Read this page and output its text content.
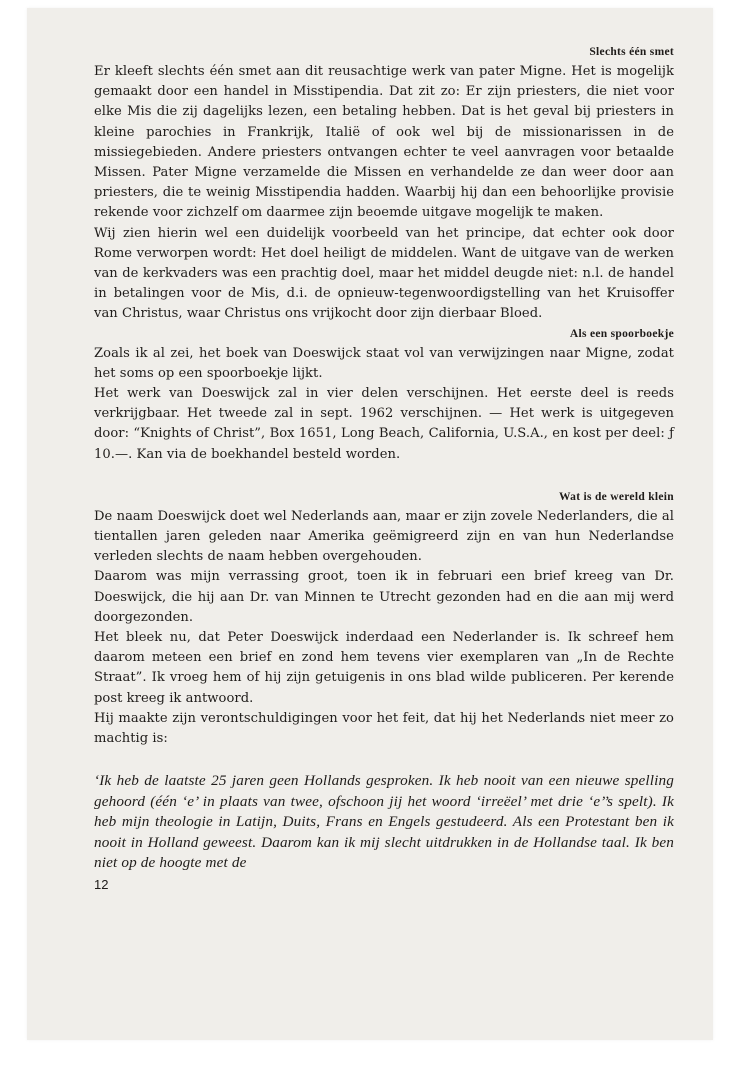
Slechts één smet

Er kleeft slechts één smet aan dit reusachtige werk van pater Migne. Het is mogelijk gemaakt door een handel in Misstipendia. Dat zit zo: Er zijn priesters, die niet voor elke Mis die zij dagelijks lezen, een betaling hebben. Dat is het geval bij priesters in kleine parochies in Frankrijk, Italië of ook wel bij de missionarissen in de missiegebieden. Andere priesters ontvangen echter te veel aanvragen voor betaalde Missen. Pater Migne verzamelde die Missen en verhandelde ze dan weer door aan priesters, die te weinig Misstipendia hadden. Waarbij hij dan een behoorlijke provisie rekende voor zichzelf om daarmee zijn beoemde uitgave mogelijk te maken.

Wij zien hierin wel een duidelijk voorbeeld van het principe, dat echter ook door Rome verworpen wordt: Het doel heiligt de middelen. Want de uitgave van de werken van de kerkvaders was een prachtig doel, maar het middel deugde niet: n.l. de handel in betalingen voor de Mis, d.i. de opnieuw-tegenwoordigstelling van het Kruisoffer van Christus, waar Christus ons vrijkocht door zijn dierbaar Bloed.

Als een spoorboekje

Zoals ik al zei, het boek van Doeswijck staat vol van verwijzingen naar Migne, zodat het soms op een spoorboekje lijkt.

Het werk van Doeswijck zal in vier delen verschijnen. Het eerste deel is reeds verkrijgbaar. Het tweede zal in sept. 1962 verschijnen. — Het werk is uitgegeven door: “Knights of Christ”, Box 1651, Long Beach, California, U.S.A., en kost per deel: ƒ 10.—. Kan via de boekhandel besteld worden.

Wat is de wereld klein

De naam Doeswijck doet wel Nederlands aan, maar er zijn zovele Nederlanders, die al tientallen jaren geleden naar Amerika geëmigreerd zijn en van hun Nederlandse verleden slechts de naam hebben overgehouden.

Daarom was mijn verrassing groot, toen ik in februari een brief kreeg van Dr. Doeswijck, die hij aan Dr. van Minnen te Utrecht gezonden had en die aan mij werd doorgezonden.

Het bleek nu, dat Peter Doeswijck inderdaad een Nederlander is. Ik schreef hem daarom meteen een brief en zond hem tevens vier exemplaren van „In de Rechte Straat”. Ik vroeg hem of hij zijn getuigenis in ons blad wilde publiceren. Per kerende post kreeg ik antwoord.

Hij maakte zijn verontschuldigingen voor het feit, dat hij het Nederlands niet meer zo machtig is:

‘Ik heb de laatste 25 jaren geen Hollands gesproken. Ik heb nooit van een nieuwe spelling gehoord (één ‘e’ in plaats van twee, ofschoon jij het woord ‘irreëel’ met drie ‘e’’s spelt). Ik heb mijn theologie in Latijn, Duits, Frans en Engels gestudeerd. Als een Protestant ben ik nooit in Holland geweest. Daarom kan ik mij slecht uitdrukken in de Hollandse taal. Ik ben niet op de hoogte met de

12
